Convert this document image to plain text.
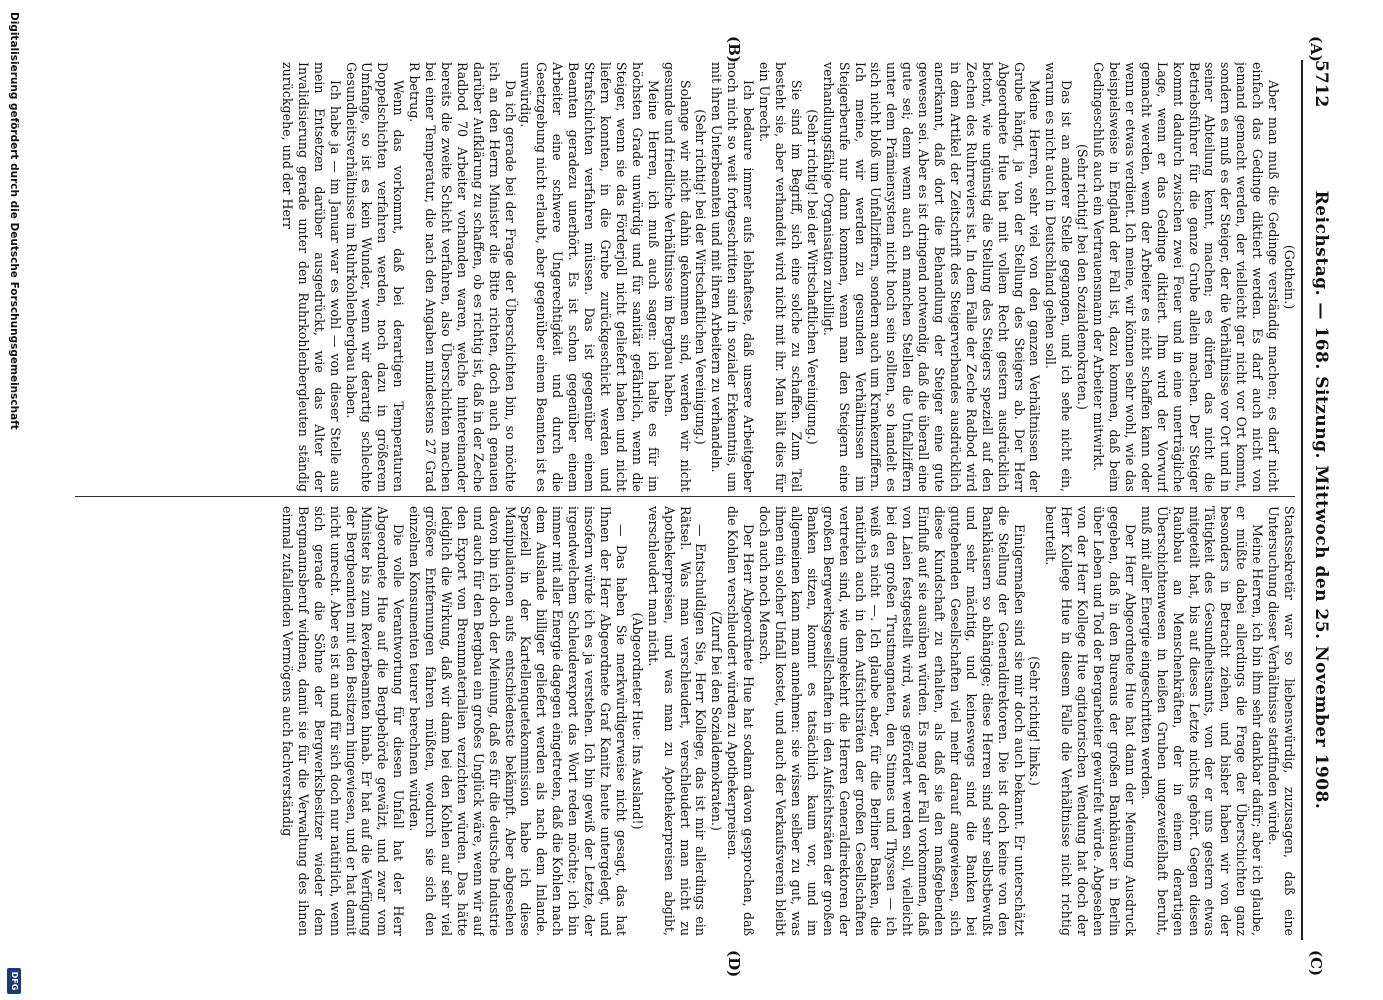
5712
Reichstag. — 168. Sitzung. Mittwoch den 25. November 1908.
(A)
(B)
(C)
(D)

(Gothein.)

Aber man muß die Gedinge verständig machen; es darf nicht einfach das Gedinge diktiert werden. Es darf auch nicht von jemand gemacht werden, der vielleicht gar nicht vor Ort kommt, sondern es muß es der Steiger, der die Verhältnisse vor Ort und in seiner Abteilung kennt, machen; es dürfen das nicht die Betriebsführer für die ganze Grube allein machen. Der Steiger kommt dadurch zwischen zwei Feuer und in eine unerträgliche Lage, wenn er das Gedinge diktiert. Ihm wird der Vorwurf gemacht werden, wenn der Arbeiter es nicht schaffen kann oder wenn er etwas verdient. Ich meine, wir können sehr wohl, wie das beispielsweise in England der Fall ist, dazu kommen, daß beim Gedingeschluß auch ein Vertrauensmann der Arbeiter mitwirkt.

(Sehr richtig! bei den Sozialdemokraten.)

Das ist an anderer Stelle gegangen, und ich sehe nicht ein, warum es nicht auch in Deutschland gehen soll.

Meine Herren, sehr viel von den ganzen Verhältnissen der Grube hängt, ja von der Stellung des Steigers ab. Der Herr Abgeordnete Hue hat mit vollem Recht gestern ausdrücklich betont, wie ungünstig die Stellung des Steigers speziell auf den Zechen des Ruhrreviers ist. In dem Falle der Zeche Radbod wird in dem Artikel der Zeitschrift des Steigerverbandes ausdrücklich anerkannt, daß dort die Behandlung der Steiger eine gute gewesen sei. Aber es ist dringend notwendig, daß die überall eine gute sei; denn wenn auch an manchen Stellen die Unfallziffern unter dem Prämiensystem nicht hoch sein sollten, so handelt es sich nicht bloß um Unfallziffern, sondern auch um Krankenziffern. Ich meine, wir werden zu gesunden Verhältnissen im Steigerberufe nur dann kommen, wenn man den Steigern eine verhandlungsfähige Organisation zubilligt.

(Sehr richtig! bei der Wirtschaftlichen Vereinigung.)

Sie sind im Begriff, sich eine solche zu schaffen. Zum Teil besteht sie, aber verhandelt wird nicht mit ihr. Man hält dies für ein Unrecht.

Ich bedaure immer aufs lebhafteste, daß unsere Arbeitgeber noch nicht so weit fortgeschritten sind in sozialer Erkenntnis, um mit ihren Unterbeamten und mit ihren Arbeitern zu verhandeln.

(Sehr richtig! bei der Wirtschaftlichen Vereinigung.)

Solange wir nicht dahin gekommen sind, werden wir nicht gesunde und friedliche Verhältnisse im Bergbau haben.

Meine Herren, ich muß auch sagen: ich halte es für im höchsten Grade unwürdig und für sanitär gefährlich, wenn die Steiger, wenn sie das Förderjoll nicht geliefert haben und nicht liefern konnten, in die Grube zurückgeschickt werden und Strafschichten verfahren müssen. Das ist gegenüber einem Beamten geradezu unerhört. Es ist schon gegenüber einem Arbeiter eine schwere Ungerechtigkeit und durch die Gesetzgebung nicht erlaubt, aber gegenüber einem Beamten ist es unwürdig.

Da ich gerade bei der Frage der Überschichten bin, so möchte ich an den Herrn Minister die Bitte richten, doch auch genauen darüber Aufklärung zu schaffen, ob es richtig ist, daß in der Zeche Radbod 70 Arbeiter vorhanden waren, welche hintereinander bereits die zweite Schicht verfahren, also Überschichten machen bei einer Temperatur, die nach den Angaben mindestens 27 Grad R betrug.

Wenn das vorkommt, daß bei derartigen Temperaturen Doppelschichten verfahren werden, noch dazu in größerem Umfange, so ist es kein Wunder, wenn wir derartig schlechte Gesundheitsverhältnisse im Ruhrkohlenbergbau haben.

Ich habe ja — im Januar war es wohl — von dieser Stelle aus mein Entsetzen darüber ausgedrückt, wie das Alter der Invalidisierung gerade unter den Ruhrkohlenbergleuten ständig zurückgehe, und der Herr

Staatssekretär war so liebenswürdig, zuzusagen, daß eine Untersuchung dieser Verhältnisse stattfinden würde.

Meine Herren, ich bin ihm sehr dankbar dafür; aber ich glaube, er müßte dabei allerdings die Frage der Überschichten ganz besonders in Betracht ziehen, und bisher haben wir von der Tätigkeit des Gesundheitsamts, von der er uns gestern etwas mitgeteilt hat, bis auf dieses Letzte nichts gehört. Gegen diesen Raubbau an Menschenkräften, der in einem derartigen Überschichtenwesen in heißen Gruben ungezweifelhaft beruht, muß mit aller Energie eingeschritten werden.

Der Herr Abgeordnete Hue hat dann der Meinung Ausdruck gegeben, daß in den Bureaus der großen Bankhäuser in Berlin über Leben und Tod der Bergarbeiter gewürfelt würde. Abgesehen von der Herr Kollege Hue agitatorischen Wendung hat doch der Herr Kollege Hue in diesem Falle die Verhältnisse nicht richtig beurteilt.

(Sehr richtig! links.)

Einigermaßen sind sie mir doch auch bekannt. Er unterschätzt die Stellung der Generaldirektoren. Die ist doch keine von den Bankhäusern so abhängige; diese Herren sind sehr selbstbewußt und sehr mächtig, und keineswegs sind die Banken bei gutgehenden Gesellschaften viel mehr darauf angewiesen, sich diese Kundschaft zu erhalten, als daß sie den maßgebenden Einfluß auf sie ausüben würden. Es mag der Fall vorkommen, daß von Laien festgestellt wird, was gefördert werden soll, vielleicht bei den großen Trustmagnaten, den Stinnes und Thyssen — ich weiß es nicht —. Ich glaube aber, für die Berliner Banken, die natürlich auch in den Aufsichtsräten der großen Gesellschaften vertreten sind, wie umgekehrt die Herren Generaldirektoren der großen Bergwerksgesellschaften in den Aufsichtsräten der großen Banken sitzen, kommt es tatsächlich kaum vor, und im allgemeinen kann man annehmen: sie wissen selber zu gut, was ihnen ein solcher Unfall kostet, und auch der Verkaufsverein bleibt doch auch noch Mensch.

Der Herr Abgeordnete Hue hat sodann davon gesprochen, daß die Kohlen verschleudert würden zu Apothekerpreisen.

(Zuruf bei den Sozialdemokraten.)

— Entschuldigen Sie, Herr Kollege, das ist mir allerdings ein Rätsel. Was man verschleudert, verschleudert man nicht zu Apothekerpreisen, und was man zu Apothekerpreisen abgibt, verschleudert man nicht.

(Abgeordneter Hue: Ins Ausland!)

— Das haben Sie merkwürdigerweise nicht gesagt, das hat Ihnen der Herr Abgeordnete Graf Kanitz heute untergelegt, und insofern würde ich es ja verstehen. Ich bin gewiß der Letzte, der irgendwelchem Schleuderexport das Wort reden möchte; ich bin immer mit aller Energie dagegen eingetreten, daß die Kohlen nach dem Auslande billiger geliefert werden als nach dem Inlande. Speziell in der Kartellenquetekommission habe ich diese Manipulationen aufs entschiedenste bekämpft. Aber abgesehen davon bin ich doch der Meinung, daß es für die deutsche Industrie und auch für den Bergbau ein großes Unglück wäre, wenn wir auf den Export von Brennmaterialien verzichten würden. Das hätte lediglich die Wirkung, daß wir dann bei den Kohlen auf sehr viel größere Entfernungen fahren müßten, wodurch sie sich den einzelnen Konsumenten teurer berechnen würden.

Die volle Verantwortung für diesen Unfall hat der Herr Abgeordnete Hue auf die Bergbehörde gewälzt, und zwar vom Minister bis zum Revierbeamten hinab. Er hat auf die Verfügung der Bergbeamten mit den Besitzern hingewiesen, und er hat damit nicht unrecht. Aber es ist an und für sich doch nur natürlich, wenn sich gerade die Söhne der Bergwerksbesitzer wieder dem Bergmannsberuf widmen, damit sie für die Verwaltung des ihnen einmal zufallenden Vermögens auch fachverständig

Digitalisierung gefördert durch die Deutsche Forschungsgemeinschaft
DFG
